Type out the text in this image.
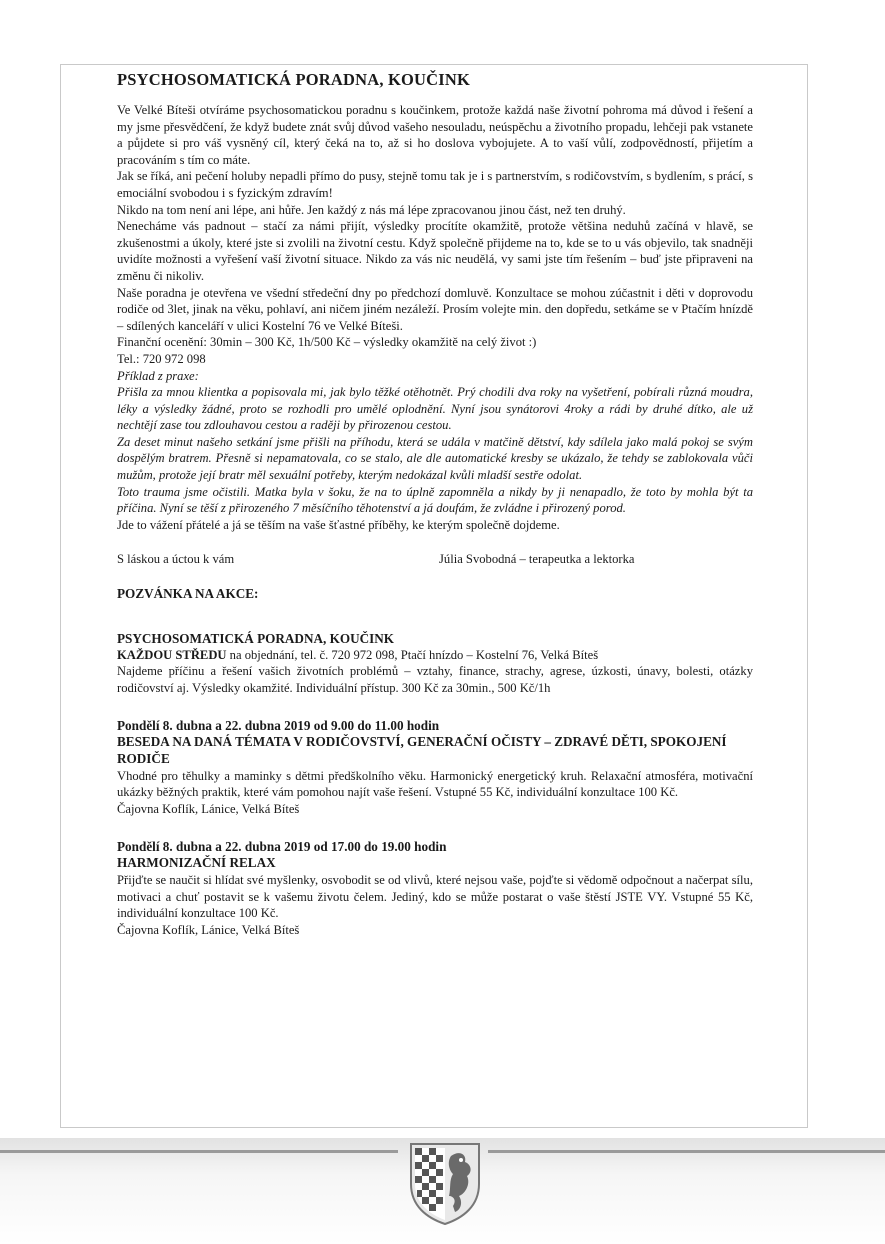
PSYCHOSOMATICKÁ PORADNA, KOUČINK

Ve Velké Bíteši otvíráme psychosomatickou poradnu s koučinkem, protože každá naše životní pohroma má důvod i řešení a my jsme přesvědčení, že když budete znát svůj důvod vašeho nesouladu, neúspěchu a životního propadu, lehčeji pak vstanete a půjdete si pro váš vysněný cíl, který čeká na to, až si ho doslova vybojujete. A to vaší vůlí, zodpovědností, přijetím a pracováním s tím co máte.

Jak se říká, ani pečení holuby nepadli přímo do pusy, stejně tomu tak je i s partnerstvím, s rodičovstvím, s bydlením, s prácí, s emociální svobodou i s fyzickým zdravím!

Nikdo na tom není ani lépe, ani hůře. Jen každý z nás má lépe zpracovanou jinou část, než ten druhý.

Nenecháme vás padnout – stačí za námi přijít, výsledky procítíte okamžitě, protože většina neduhů začíná v hlavě, se zkušenostmi a úkoly, které jste si zvolili na životní cestu. Když společně přijdeme na to, kde se to u vás objevilo, tak snadněji uvidíte možnosti a vyřešení vaší životní situace. Nikdo za vás nic neudělá, vy sami jste tím řešením – buď jste připraveni na změnu či nikoliv.

Naše poradna je otevřena ve všední středeční dny po předchozí domluvě. Konzultace se mohou zúčastnit i děti v doprovodu rodiče od 3let, jinak na věku, pohlaví, ani ničem jiném nezáleží. Prosím volejte min. den dopředu, setkáme se v Ptačím hnízdě – sdílených kanceláří v ulici Kostelní 76 ve Velké Bíteši.

Finanční ocenění: 30min – 300 Kč, 1h/500 Kč – výsledky okamžitě na celý život :)

Tel.: 720 972 098

Příklad z praxe:

Přišla za mnou klientka a popisovala mi, jak bylo těžké otěhotnět. Prý chodili dva roky na vyšetření, pobírali různá moudra, léky a výsledky žádné, proto se rozhodli pro umělé oplodnění. Nyní jsou synátorovi 4roky a rádi by druhé dítko, ale už nechtějí zase tou zdlouhavou cestou a raději by přirozenou cestou.

Za deset minut našeho setkání jsme přišli na příhodu, která se udála v matčině dětství, kdy sdílela jako malá pokoj se svým dospělým bratrem. Přesně si nepamatovala, co se stalo, ale dle automatické kresby se ukázalo, že tehdy se zablokovala vůči mužům, protože její bratr měl sexuální potřeby, kterým nedokázal kvůli mladší sestře odolat.

Toto trauma jsme očistili. Matka byla v šoku, že na to úplně zapomněla a nikdy by ji nenapadlo, že toto by mohla být ta příčina. Nyní se těší z přirozeného 7 měsíčního těhotenství a já doufám, že zvládne i přirozený porod.

Jde to vážení přátelé a já se těším na vaše šťastné příběhy, ke kterým společně dojdeme.

S láskou a úctou k vám	Júlia Svobodná – terapeutka a lektorka
POZVÁNKA NA AKCE:
PSYCHOSOMATICKÁ PORADNA, KOUČINK

KAŽDOU STŘEDU na objednání, tel. č. 720 972 098, Ptačí hnízdo – Kostelní 76, Velká Bíteš

Najdeme příčinu a řešení vašich životních problémů – vztahy, finance, strachy, agrese, úzkosti, únavy, bolesti, otázky rodičovství aj. Výsledky okamžité. Individuální přístup. 300 Kč za 30min., 500 Kč/1h

Pondělí 8. dubna a 22. dubna 2019 od 9.00 do 11.00 hodin
BESEDA NA DANÁ TÉMATA V RODIČOVSTVÍ, GENERAČNÍ OČISTY – ZDRAVÉ DĚTI, SPOKOJENÍ RODIČE

Vhodné pro těhulky a maminky s dětmi předškolního věku. Harmonický energetický kruh. Relaxační atmosféra, motivační ukázky běžných praktik, které vám pomohou najít vaše řešení. Vstupné 55 Kč, individuální konzultace 100 Kč.

Čajovna Koflík, Lánice, Velká Bíteš

Pondělí 8. dubna a 22. dubna 2019 od 17.00 do 19.00 hodin
HARMONIZAČNÍ RELAX

Přijďte se naučit si hlídat své myšlenky, osvobodit se od vlivů, které nejsou vaše, pojďte si vědomě odpočnout a načerpat sílu, motivaci a chuť postavit se k vašemu životu čelem. Jediný, kdo se může postarat o vaše štěstí JSTE VY. Vstupné 55 Kč, individuální konzultace 100 Kč.

Čajovna Koflík, Lánice, Velká Bíteš
